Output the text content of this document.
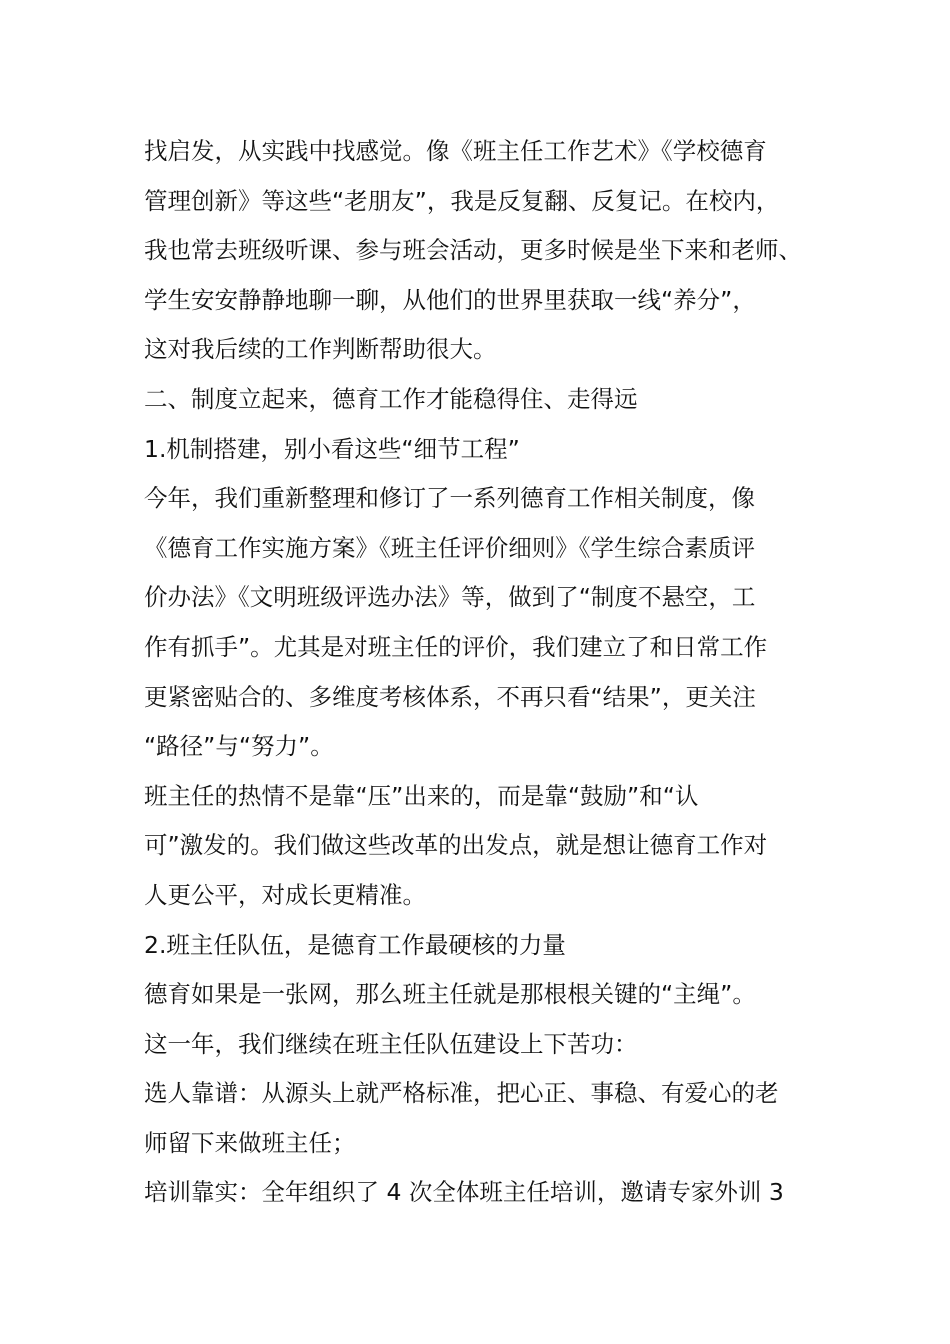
找启发，从实践中找感觉。像《班主任工作艺术》《学校德育
管理创新》等这些“老朋友”，我是反复翻、反复记。在校内，
我也常去班级听课、参与班会活动，更多时候是坐下来和老师、
学生安安静静地聊一聊，从他们的世界里获取一线“养分”，
这对我后续的工作判断帮助很大。
二、制度立起来，德育工作才能稳得住、走得远
1.机制搭建，别小看这些“细节工程”
今年，我们重新整理和修订了一系列德育工作相关制度，像
《德育工作实施方案》《班主任评价细则》《学生综合素质评
价办法》《文明班级评选办法》等，做到了“制度不悬空，工
作有抓手”。尤其是对班主任的评价，我们建立了和日常工作
更紧密贴合的、多维度考核体系，不再只看“结果”，更关注
“路径”与“努力”。
班主任的热情不是靠“压”出来的，而是靠“鼓励”和“认
可”激发的。我们做这些改革的出发点，就是想让德育工作对
人更公平，对成长更精准。
2.班主任队伍，是德育工作最硬核的力量
德育如果是一张网，那么班主任就是那根根关键的“主绳”。
这一年，我们继续在班主任队伍建设上下苦功：
选人靠谱：从源头上就严格标准，把心正、事稳、有爱心的老
师留下来做班主任；
培训靠实：全年组织了 4 次全体班主任培训，邀请专家外训 3
